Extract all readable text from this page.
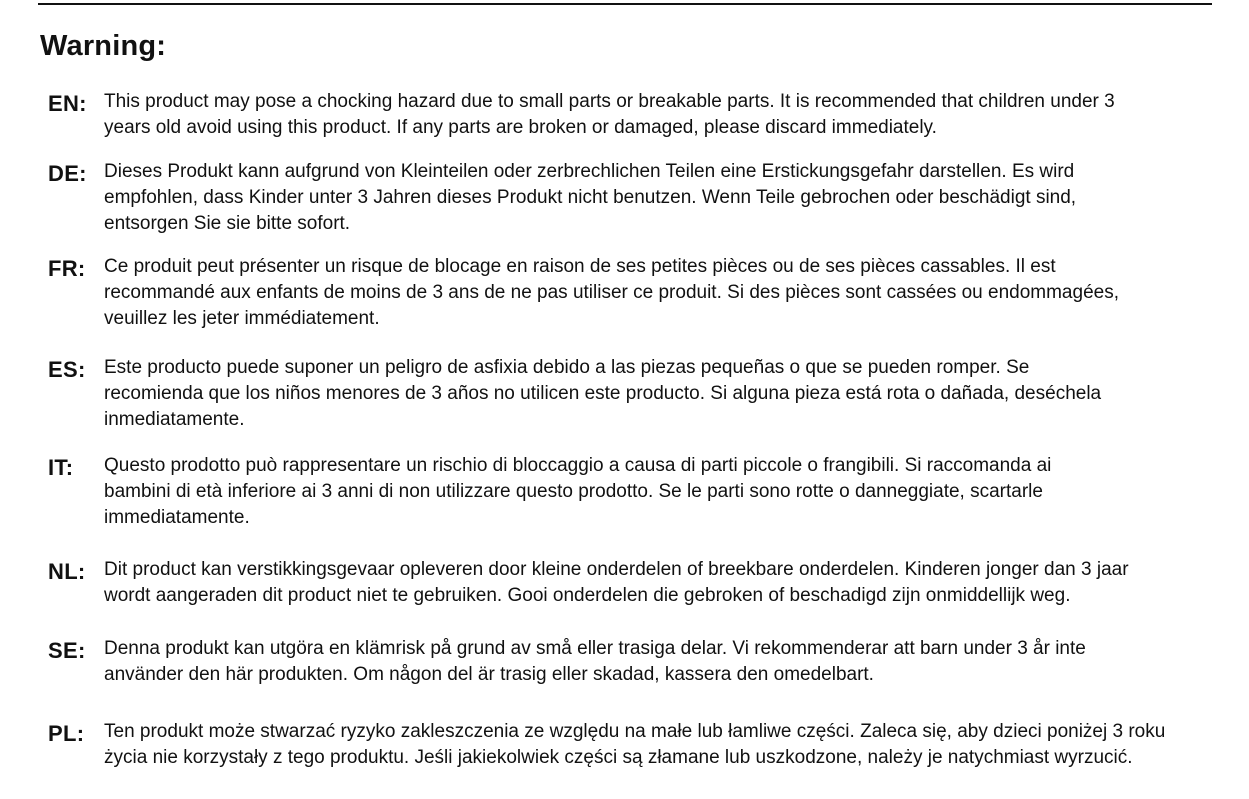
Warning:
EN: This product may pose a chocking hazard due to small parts or breakable parts. It is recommended that children under 3
years old avoid using this product. If any parts are broken or damaged, please discard immediately.
DE: Dieses Produkt kann aufgrund von Kleinteilen oder zerbrechlichen Teilen eine Erstickungsgefahr darstellen. Es wird
empfohlen, dass Kinder unter 3 Jahren dieses Produkt nicht benutzen. Wenn Teile gebrochen oder beschädigt sind,
entsorgen Sie sie bitte sofort.
FR: Ce produit peut présenter un risque de blocage en raison de ses petites pièces ou de ses pièces cassables. Il est
recommandé aux enfants de moins de 3 ans de ne pas utiliser ce produit. Si des pièces sont cassées ou endommagées,
veuillez les jeter immédiatement.
ES: Este producto puede suponer un peligro de asfixia debido a las piezas pequeñas o que se pueden romper. Se
recomienda que los niños menores de 3 años no utilicen este producto. Si alguna pieza está rota o dañada, deséchela
inmediatamente.
IT: Questo prodotto può rappresentare un rischio di bloccaggio a causa di parti piccole o frangibili. Si raccomanda ai
bambini di età inferiore ai 3 anni di non utilizzare questo prodotto. Se le parti sono rotte o danneggiate, scartarle
immediatamente.
NL: Dit product kan verstikkingsgevaar opleveren door kleine onderdelen of breekbare onderdelen. Kinderen jonger dan 3 jaar
wordt aangeraden dit product niet te gebruiken. Gooi onderdelen die gebroken of beschadigd zijn onmiddellijk weg.
SE: Denna produkt kan utgöra en klämrisk på grund av små eller trasiga delar. Vi rekommenderar att barn under 3 år inte
använder den här produkten. Om någon del är trasig eller skadad, kassera den omedelbart.
PL: Ten produkt może stwarzać ryzyko zakleszczenia ze względu na małe lub łamliwe części. Zaleca się, aby dzieci poniżej 3 roku
życia nie korzystały z tego produktu. Jeśli jakiekolwiek części są złamane lub uszkodzone, należy je natychmiast wyrzucić.
